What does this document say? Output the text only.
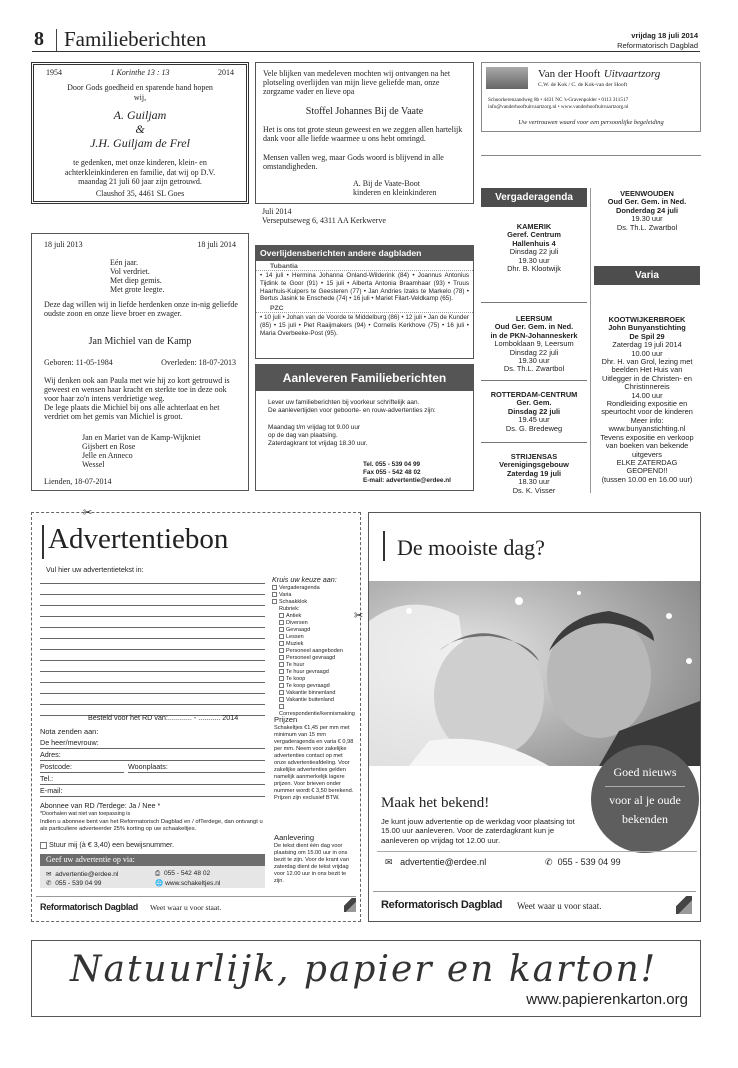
8 Familieberichten	vrijdag 18 juli 2014
Reformatorisch Dagblad
1954	1 Korinthe 13 : 13	2014
Door Gods goedheid en sparende hand hopen wij,
A. Guiljam
&
J.H. Guiljam de Frel
te gedenken, met onze kinderen, klein- en achterkleinkinderen en familie, dat wij op D.V. maandag 21 juli 60 jaar zijn getrouwd.
Claushof 35, 4461 SL Goes
Vele blijken van medeleven mochten wij ontvangen na het plotseling overlijden van mijn lieve geliefde man, onze zorgzame vader en lieve opa
Stoffel Johannes Bij de Vaate
Het is ons tot grote steun geweest en we zeggen allen hartelijk dank voor alle liefde waarmee u ons hebt omringd.
Mensen vallen weg, maar Gods woord is blijvend in alle omstandigheden.
A. Bij de Vaate-Boot
kinderen en kleinkinderen
Juli 2014
Verseputseweg 6, 4311 AA Kerkwerve
Van der Hooft Uitvaartzorg
C.W. de Kok / C. de Kok-van der Hooft
Schoorkerenzandweg 8b • 4431 NC 's-Gravenpolder • 0113 311517
info@vanderhooftuitvaartzorg.nl • www.vanderhooftuitvaartzorg.nl
Uw vertrouwen waard voor een persoonlijke begeleiding
18 juli 2013	18 juli 2014
Eén jaar.
Vol verdriet.
Met diep gemis.
Met grote leegte.
Deze dag willen wij in liefde herdenken onze in-nig geliefde oudste zoon en onze lieve broer en zwager.
Jan Michiel van de Kamp
Geboren: 11-05-1984	Overleden: 18-07-2013
Wij denken ook aan Paula met wie hij zo kort getrouwd is geweest en wensen haar kracht en sterkte toe in deze ook voor haar zo'n intens verdrietige weg.
De lege plaats die Michiel bij ons alle achterlaat en het verdriet om het gemis van Michiel is groot.
Jan en Mariet van de Kamp-Wijkniet
Gijsbert en Rose
Jelle en Anneco
Wessel
Lienden, 18-07-2014
Overlijdensberichten andere dagbladen
Tubantia
• 14 juli • Hermina Johanna Onland-Wilderink (84) • Joannus Antonius Tijdink te Goor (91) • 15 juli • Alberta Antonia Braamhaar (93) • Truus Haarhuis-Kuipers te Geesteren (77) • Jan Andries Izaks te Markelo (78) • Bertus Jasink te Enschede (74) • 16 juli • Mariet Filart-Veldkamp (65).
PZC
• 10 juli • Johan van de Voorde te Middelburg (86) • 12 juli • Jan de Kunder (85) • 15 juli • Piet Raaijmakers (94) • Cornelis Kerkhove (75) • 16 juli • Maria Overbeeke-Post (95).
Aanleveren Familieberichten
Lever uw familieberichten bij voorkeur schriftelijk aan.
De aanlevertijden voor geboorte- en rouw-advertenties zijn:
Maandag t/m vrijdag tot 9.00 uur
op de dag van plaatsing.
Zaterdagkrant tot vrijdag 18.30 uur.
Tel. 055 - 539 04 99
Fax 055 - 542 48 02
E-mail: advertentie@erdee.nl
Vergaderagenda
KAMERIK
Geref. Centrum
Hallenhuis 4
Dinsdag 22 juli
19.30 uur
Dhr. B. Klootwijk
LEERSUM
Oud Ger. Gem. in Ned.
in de PKN-Johanneskerk
Lomboklaan 9, Leersum
Dinsdag 22 juli
19.30 uur
Ds. Th.L. Zwartbol
ROTTERDAM-CENTRUM
Ger. Gem.
Dinsdag 22 juli
19.45 uur
Ds. G. Bredeweg
STRIJENSAS
Verenigingsgebouw
Zaterdag 19 juli
18.30 uur
Ds. K. Visser
VEENWOUDEN
Oud Ger. Gem. in Ned.
Donderdag 24 juli
19.30 uur
Ds. Th.L. Zwartbol
Varia
KOOTWIJKERBROEK
John Bunyanstichting
De Spil 29
Zaterdag 19 juli 2014
10.00 uur
Dhr. H. van Grol, lezing met
beelden Het Huis van
Uitlegger in de Christen- en
Christinnereis
14.00 uur
Rondleiding expositie en
speurtocht voor de kinderen
Meer info:
www.bunyanstichting.nl
Tevens expositie en verkoop
van boeken van bekende
uitgevers
ELKE ZATERDAG
GEOPEND!!
(tussen 10.00 en 16.00 uur)
✂
✂
Advertentiebon
Vul hier uw advertentietekst in:
Kruis uw keuze aan:
Vergaderagenda
Varia
Schaakklok
Rubriek:
Antiek
Diversen
Gevraagd
Lessen
Muziek
Personeel aangeboden
Personeel gevraagd
Te huur
Te huur gevraagd
Te koop
Te koop gevraagd
Vakantie binnenland
Vakantie buitenland
Correspondentie/kennismaking
Besteld voor het RD van:............ - ........... 2014
Nota zenden aan:
De heer/mevrouw:
Adres:
Postcode:	Woonplaats:
Tel.:
E-mail:
Abonnee van RD /Terdege: Ja / Nee *
*Doorhalen wat niet van toepassing is
Indien u abonnee bent van het Reformatorisch Dagblad en / ofTerdege, dan ontvangt u als particuliere adverteerder 25% korting op uw schaakeltjes.
Stuur mij (à € 3,40) een bewijsnummer.
Geef uw advertentie op via:
✉ advertentie@erdee.nl	⎙ 055 - 542 48 02
✆ 055 - 539 04 99	🌐 www.schakeltjes.nl
Prijzen
Schakeltjes €1,45 per mm met minimum van 15 mm vergaderagenda en varia € 0,98 per mm. Neem voor zakelijke advertenties contact op met onze advertentieafdeling. Voor zakelijke advertenties gelden namelijk aanmerkelijk lagere prijzen. Voor brieven onder nummer wordt € 3,50 berekend. Prijzen zijn exclusief BTW.
Aanlevering
De tekst dient één dag voor plaatsing om 15.00 uur in ons bezit te zijn. Voor de krant van zaterdag dient de tekst vrijdag voor 12.00 uur in ons bezit te zijn.
Reformatorisch Dagblad Weet waar u voor staat.
De mooiste dag?
Goed nieuws
voor al je oude
bekenden
Maak het bekend!
Je kunt jouw advertentie op de werkdag voor plaatsing tot 15.00 uur aanleveren. Voor de zaterdagkrant kun je aanleveren op vrijdag tot 12.00 uur.
✉ advertentie@erdee.nl	✆ 055 - 539 04 99
Reformatorisch Dagblad Weet waar u voor staat.
Natuurlijk, papier en karton!
www.papierenkarton.org
